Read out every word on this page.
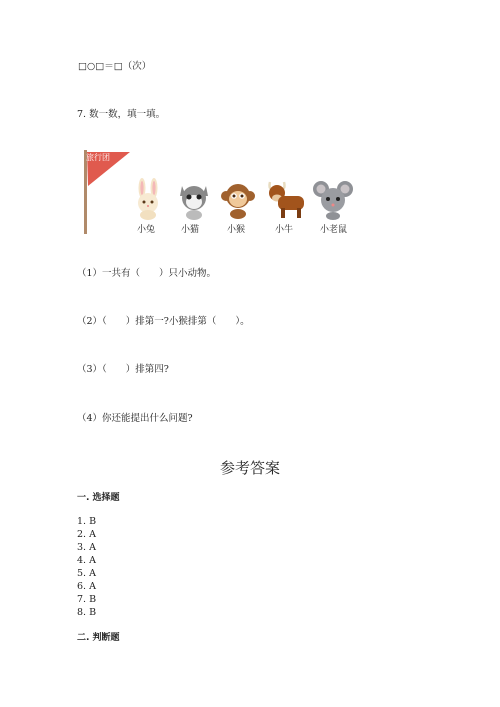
□○□＝□（次）
7. 数一数，填一填。
旅行团
小兔	小猫	小猴	小牛	小老鼠
（1）一共有（　　）只小动物。
（2）（　　）排第一?小猴排第（　　）。
（3）（　　）排第四?
（4）你还能提出什么问题?
参考答案
一. 选择题
1. B
2. A
3. A
4. A
5. A
6. A
7. B
8. B
二. 判断题
